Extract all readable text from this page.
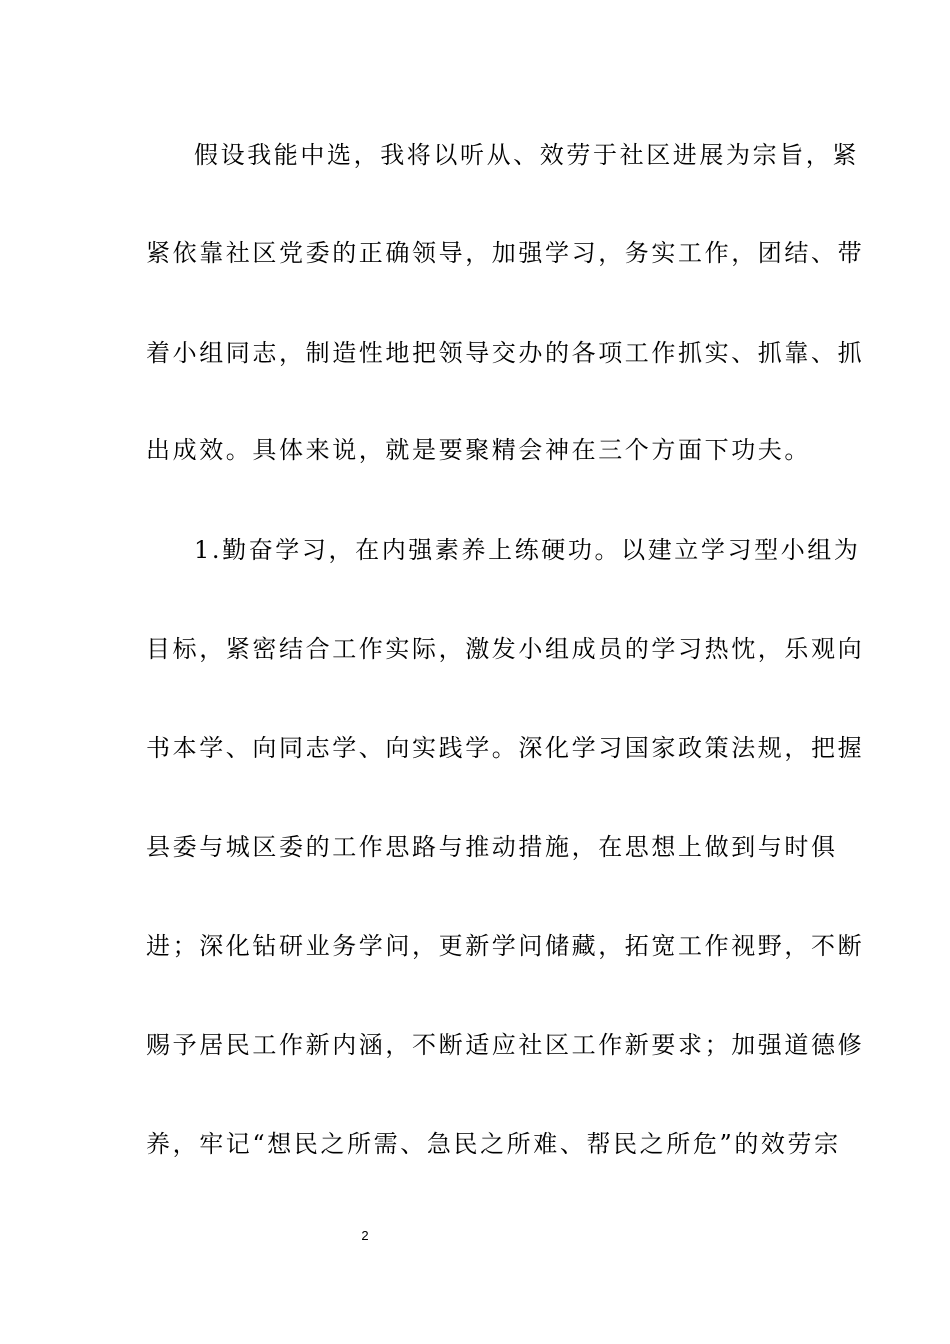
假设我能中选，我将以听从、效劳于社区进展为宗旨，紧
紧依靠社区党委的正确领导，加强学习，务实工作，团结、带
着小组同志，制造性地把领导交办的各项工作抓实、抓靠、抓
出成效。具体来说，就是要聚精会神在三个方面下功夫。
1.勤奋学习，在内强素养上练硬功。以建立学习型小组为
目标，紧密结合工作实际，激发小组成员的学习热忱，乐观向
书本学、向同志学、向实践学。深化学习国家政策法规，把握
县委与城区委的工作思路与推动措施，在思想上做到与时俱
进；深化钻研业务学问，更新学问储藏，拓宽工作视野，不断
赐予居民工作新内涵，不断适应社区工作新要求；加强道德修
养，牢记“想民之所需、急民之所难、帮民之所危”的效劳宗
2
